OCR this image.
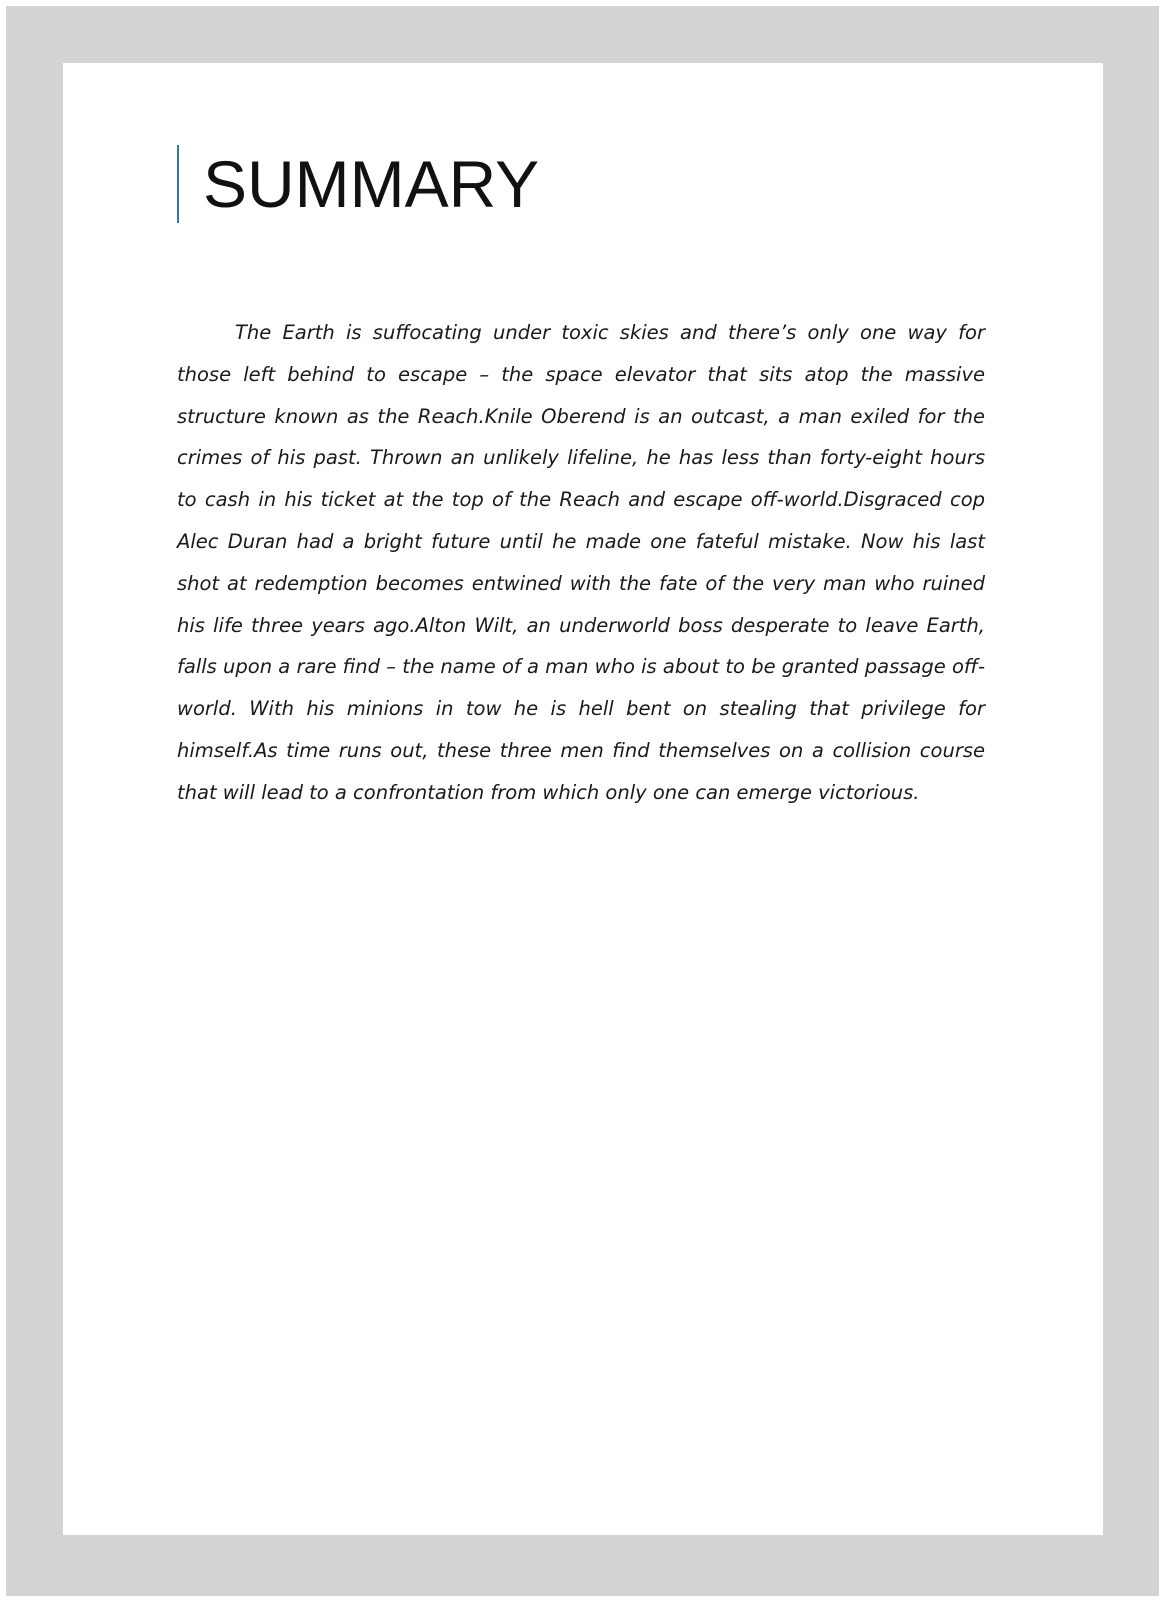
SUMMARY

The Earth is suffocating under toxic skies and there’s only one way for those left behind to escape – the space elevator that sits atop the massive structure known as the Reach.Knile Oberend is an outcast, a man exiled for the crimes of his past. Thrown an unlikely lifeline, he has less than forty-eight hours to cash in his ticket at the top of the Reach and escape off-world.Disgraced cop Alec Duran had a bright future until he made one fateful mistake. Now his last shot at redemption becomes entwined with the fate of the very man who ruined his life three years ago.Alton Wilt, an underworld boss desperate to leave Earth, falls upon a rare find – the name of a man who is about to be granted passage off-world. With his minions in tow he is hell bent on stealing that privilege for himself.As time runs out, these three men find themselves on a collision course that will lead to a confrontation from which only one can emerge victorious.
